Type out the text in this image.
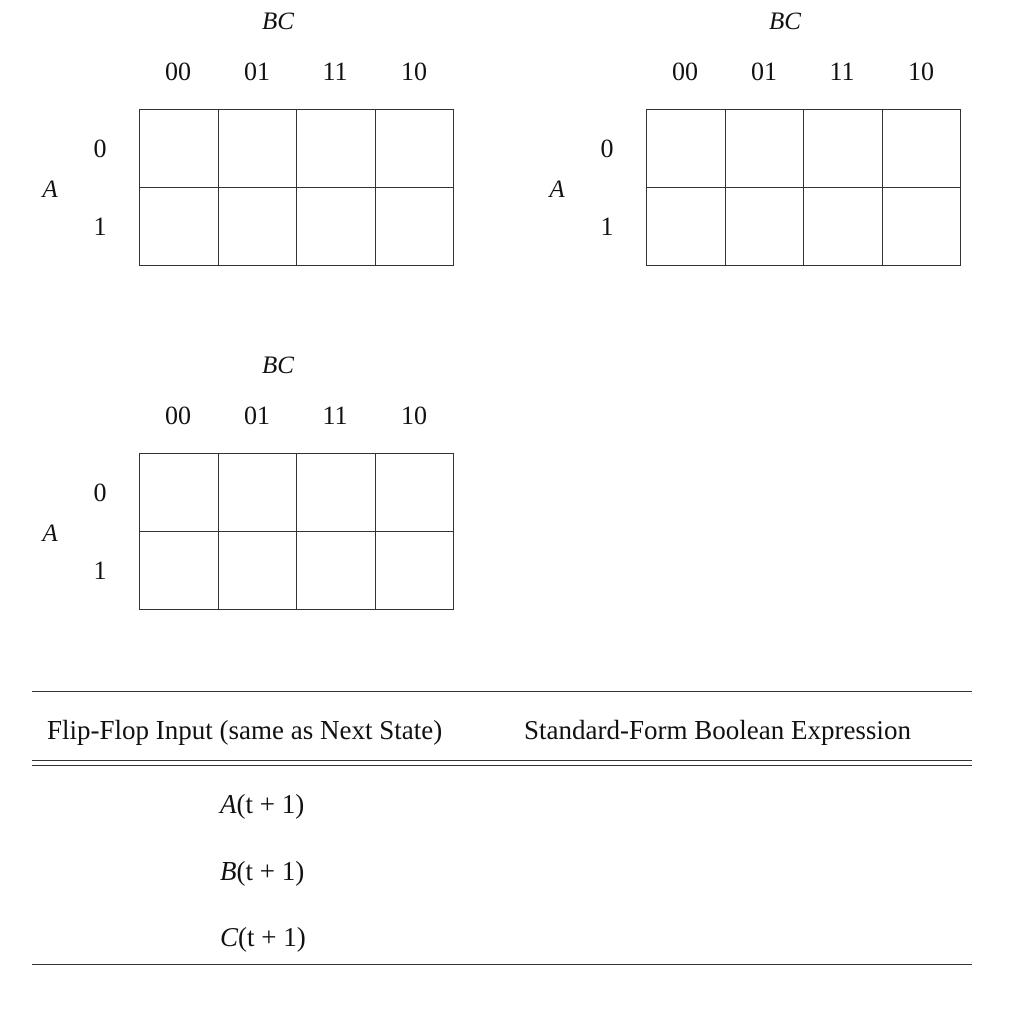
BC
00	01	11	10
0
1
A

BC
00	01	11	10
0
1
A

BC
00	01	11	10
0
1
A

Flip-Flop Input (same as Next State)	Standard-Form Boolean Expression
A(t + 1)
B(t + 1)
C(t + 1)
